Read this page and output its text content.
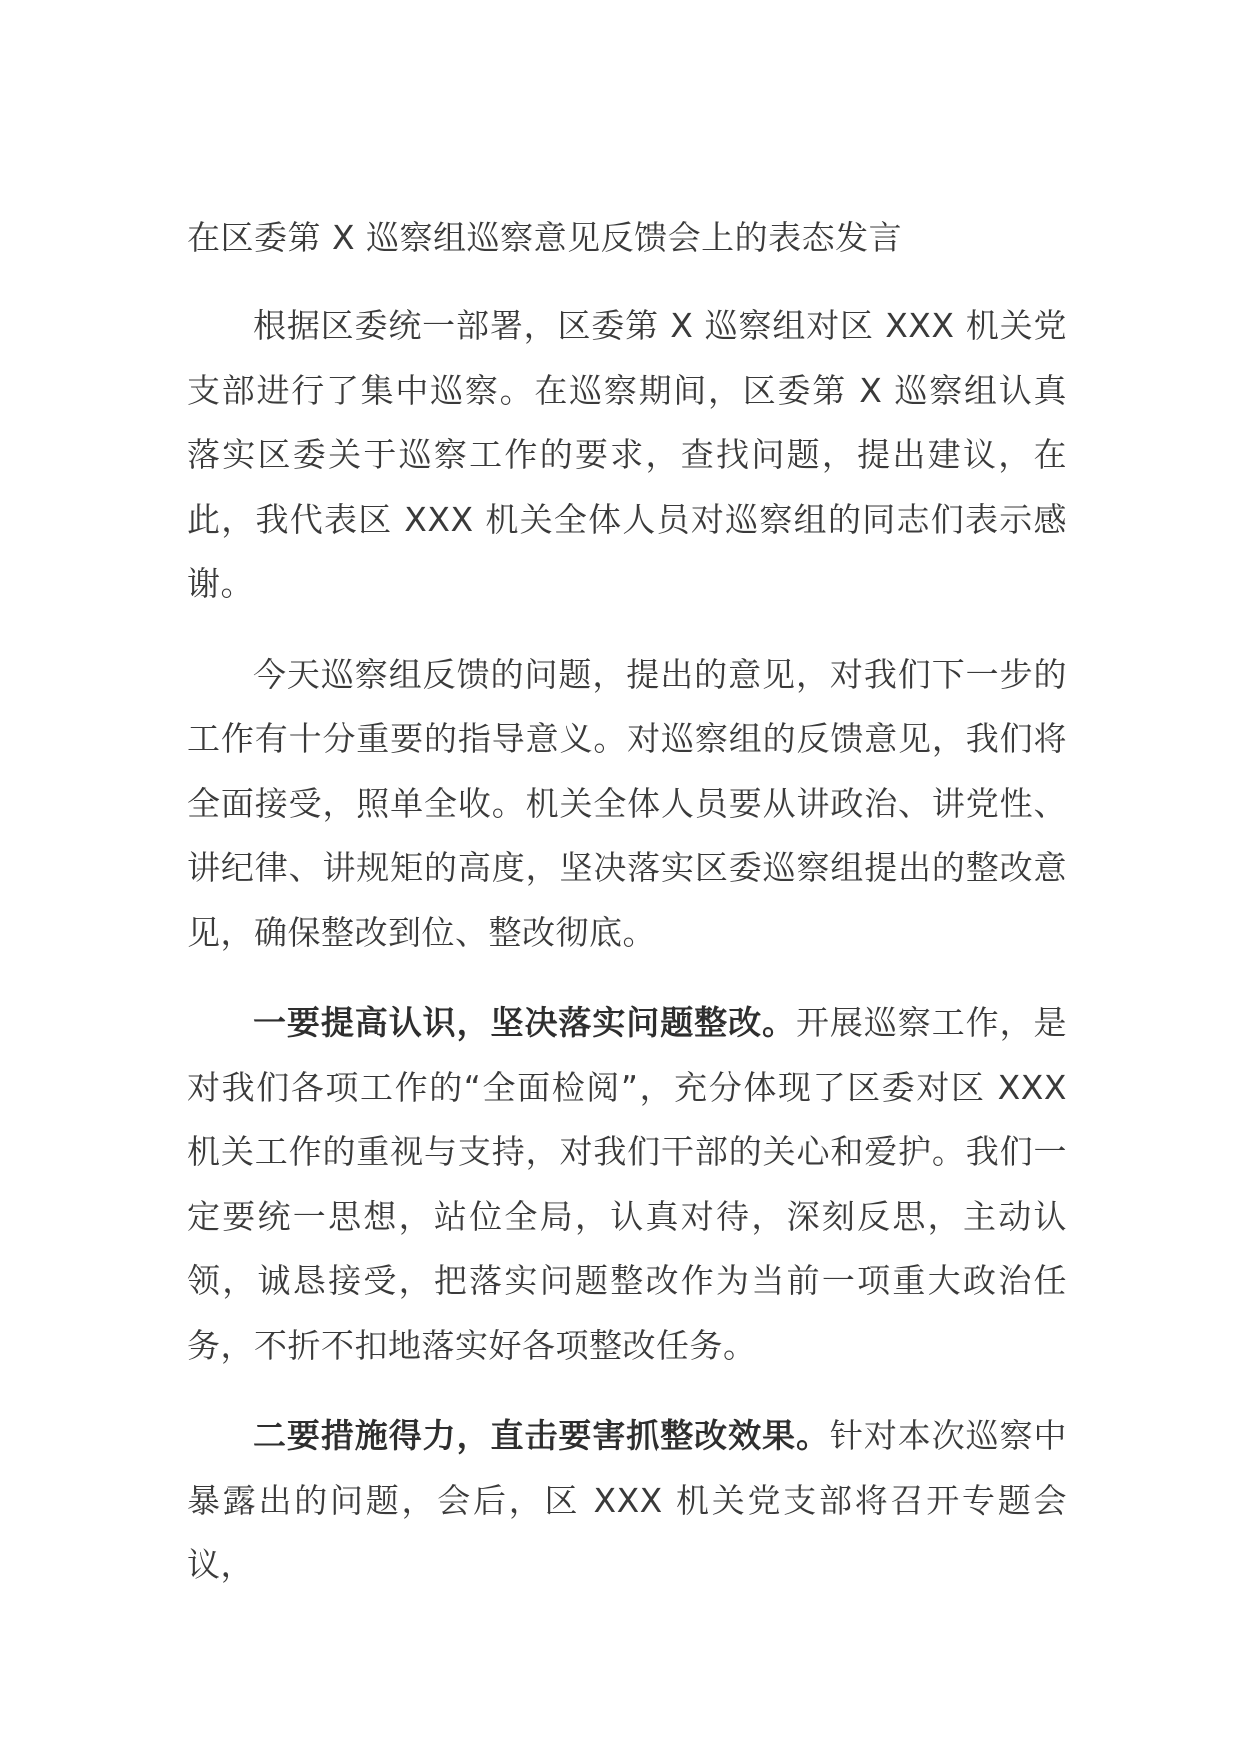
在区委第 X 巡察组巡察意见反馈会上的表态发言

根据区委统一部署，区委第 X 巡察组对区 XXX 机关党支部进行了集中巡察。在巡察期间，区委第 X 巡察组认真落实区委关于巡察工作的要求，查找问题，提出建议，在此，我代表区 XXX 机关全体人员对巡察组的同志们表示感谢。

今天巡察组反馈的问题，提出的意见，对我们下一步的工作有十分重要的指导意义。对巡察组的反馈意见，我们将全面接受，照单全收。机关全体人员要从讲政治、讲党性、讲纪律、讲规矩的高度，坚决落实区委巡察组提出的整改意见，确保整改到位、整改彻底。

一要提高认识，坚决落实问题整改。开展巡察工作，是对我们各项工作的“全面检阅”，充分体现了区委对区 XXX 机关工作的重视与支持，对我们干部的关心和爱护。我们一定要统一思想，站位全局，认真对待，深刻反思，主动认领，诚恳接受，把落实问题整改作为当前一项重大政治任务，不折不扣地落实好各项整改任务。

二要措施得力，直击要害抓整改效果。针对本次巡察中暴露出的问题，会后，区 XXX 机关党支部将召开专题会议，
